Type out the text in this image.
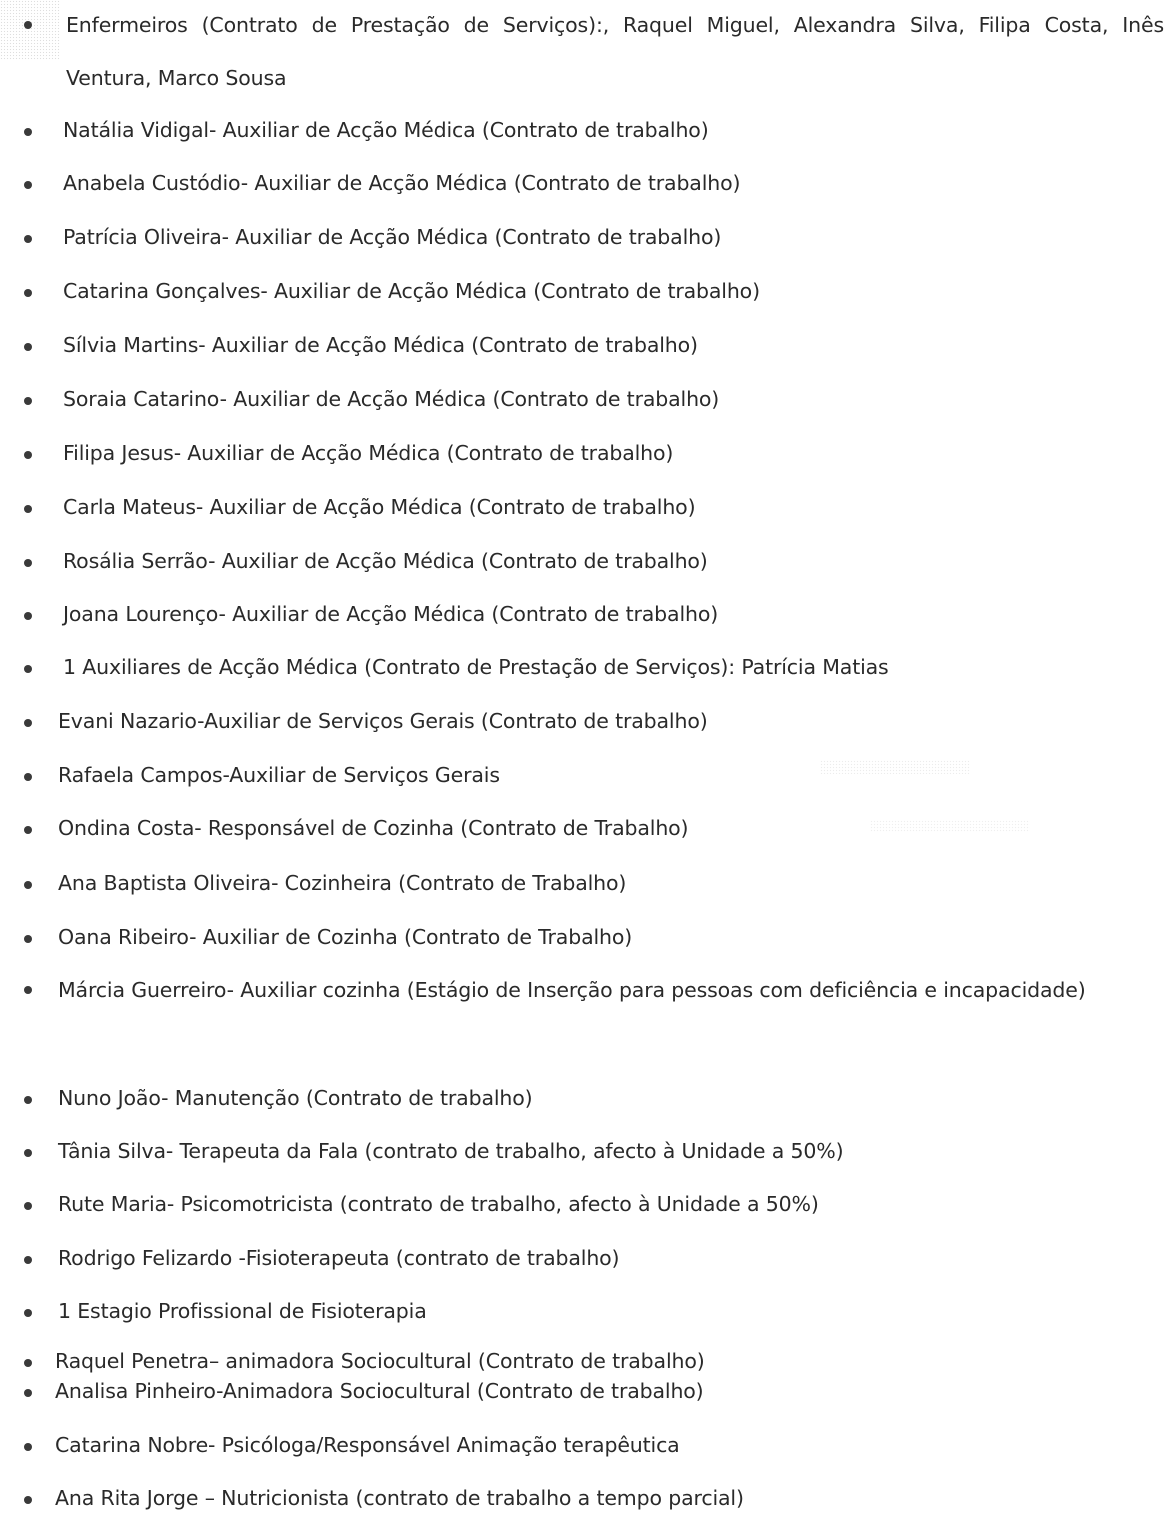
Enfermeiros (Contrato de Prestação de Serviços):, Raquel Miguel, Alexandra Silva, Filipa Costa, Inês Ventura, Marco Sousa
Natália Vidigal- Auxiliar de Acção Médica (Contrato de trabalho)
Anabela Custódio- Auxiliar de Acção Médica (Contrato de trabalho)
Patrícia Oliveira- Auxiliar de Acção Médica (Contrato de trabalho)
Catarina Gonçalves- Auxiliar de Acção Médica (Contrato de trabalho)
Sílvia Martins- Auxiliar de Acção Médica (Contrato de trabalho)
Soraia Catarino- Auxiliar de Acção Médica (Contrato de trabalho)
Filipa Jesus- Auxiliar de Acção Médica (Contrato de trabalho)
Carla Mateus- Auxiliar de Acção Médica (Contrato de trabalho)
Rosália Serrão- Auxiliar de Acção Médica (Contrato de trabalho)
Joana Lourenço- Auxiliar de Acção Médica (Contrato de trabalho)
1 Auxiliares de Acção Médica (Contrato de Prestação de Serviços): Patrícia Matias
Evani Nazario-Auxiliar de Serviços Gerais (Contrato de trabalho)
Rafaela Campos-Auxiliar de Serviços Gerais
Ondina Costa- Responsável de Cozinha (Contrato de Trabalho)
Ana Baptista Oliveira- Cozinheira (Contrato de Trabalho)
Oana Ribeiro- Auxiliar de Cozinha (Contrato de Trabalho)
Márcia Guerreiro- Auxiliar cozinha (Estágio de Inserção para pessoas com deficiência e incapacidade)
Nuno João- Manutenção (Contrato de trabalho)
Tânia Silva- Terapeuta da Fala (contrato de trabalho, afecto à Unidade a 50%)
Rute Maria- Psicomotricista (contrato de trabalho, afecto à Unidade a 50%)
Rodrigo Felizardo -Fisioterapeuta (contrato de trabalho)
1 Estagio Profissional de Fisioterapia
Raquel Penetra– animadora Sociocultural (Contrato de trabalho)
Analisa Pinheiro-Animadora Sociocultural (Contrato de trabalho)
Catarina Nobre- Psicóloga/Responsável Animação terapêutica
Ana Rita Jorge – Nutricionista (contrato de trabalho a tempo parcial)
